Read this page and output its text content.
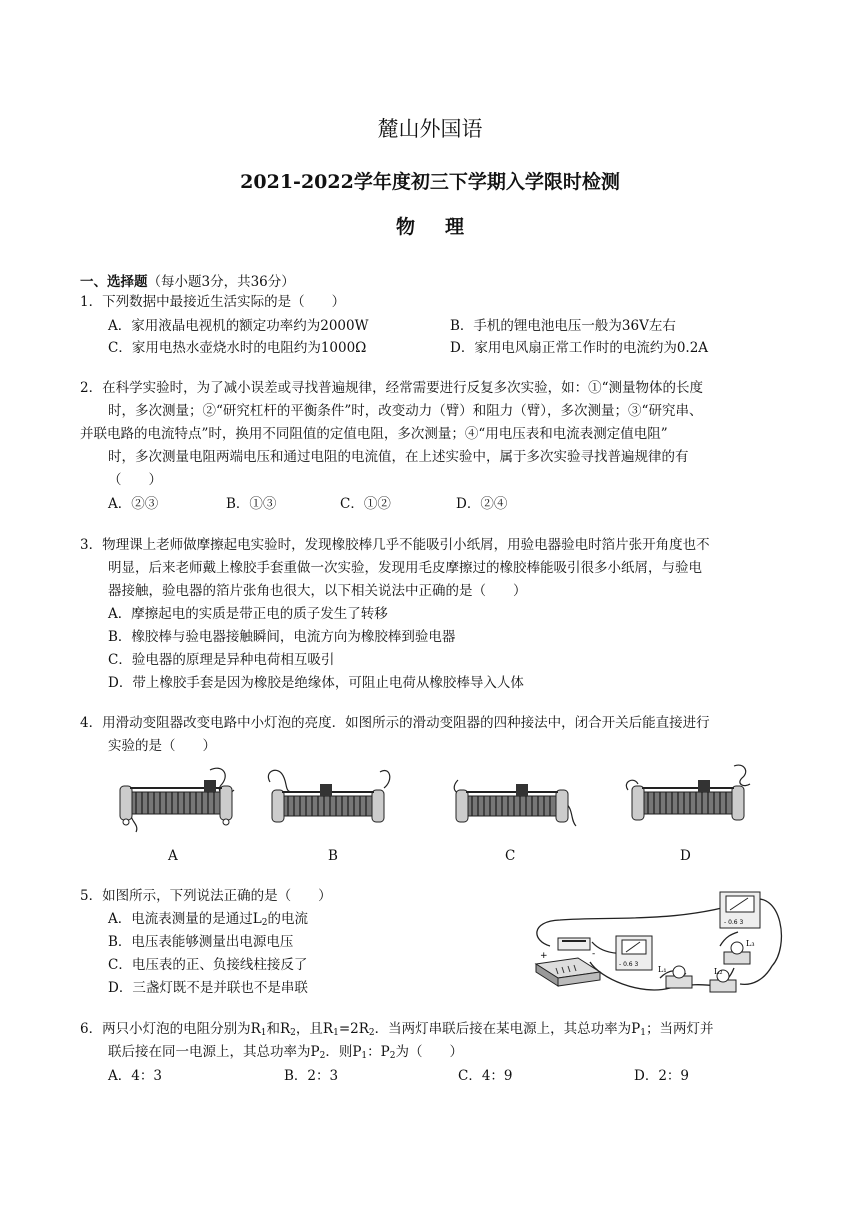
麓山外国语
2021-2022学年度初三下学期入学限时检测
物理
一、选择题（每小题3分，共36分）
1．下列数据中最接近生活实际的是（　　）
A．家用液晶电视机的额定功率约为2000W	B．手机的锂电池电压一般为36V左右
C．家用电热水壶烧水时的电阻约为1000Ω	D．家用电风扇正常工作时的电流约为0.2A
2．在科学实验时，为了减小误差或寻找普遍规律，经常需要进行反复多次实验，如：①“测量物体的长度
时，多次测量；②“研究杠杆的平衡条件”时，改变动力（臂）和阻力（臂），多次测量；③“研究串、
并联电路的电流特点”时，换用不同阻值的定值电阻，多次测量；④“用电压表和电流表测定值电阻”
时，多次测量电阻两端电压和通过电阻的电流值，在上述实验中，属于多次实验寻找普遍规律的有
（　　）
A．②③	B．①③	C．①②	D．②④
3．物理课上老师做摩擦起电实验时，发现橡胶棒几乎不能吸引小纸屑，用验电器验电时箔片张开角度也不
明显，后来老师戴上橡胶手套重做一次实验，发现用毛皮摩擦过的橡胶棒能吸引很多小纸屑，与验电
器接触，验电器的箔片张角也很大，以下相关说法中正确的是（　　）
A．摩擦起电的实质是带正电的质子发生了转移
B．橡胶棒与验电器接触瞬间，电流方向为橡胶棒到验电器
C．验电器的原理是异种电荷相互吸引
D．带上橡胶手套是因为橡胶是绝缘体，可阻止电荷从橡胶棒导入人体
4．用滑动变阻器改变电路中小灯泡的亮度．如图所示的滑动变阻器的四种接法中，闭合开关后能直接进行
实验的是（　　）
A	B	C	D
5．如图所示，下列说法正确的是（　　）
A．电流表测量的是通过$L_2$的电流
B．电压表能够测量出电源电压
C．电压表的正、负接线柱接反了
D．三盏灯既不是并联也不是串联
+	-
- 0.6 3
- 0.6 3
L₁	L₂
L₃
6．两只小灯泡的电阻分别为$R_1$和$R_2$，且$R_1=2R_2$．当两灯串联后接在某电源上，其总功率为$P_1$；当两灯并
联后接在同一电源上，其总功率为$P_2$．则$P_1$：$P_2$为（　　）
A．4：3	B．2：3	C．4：9	D．2：9
